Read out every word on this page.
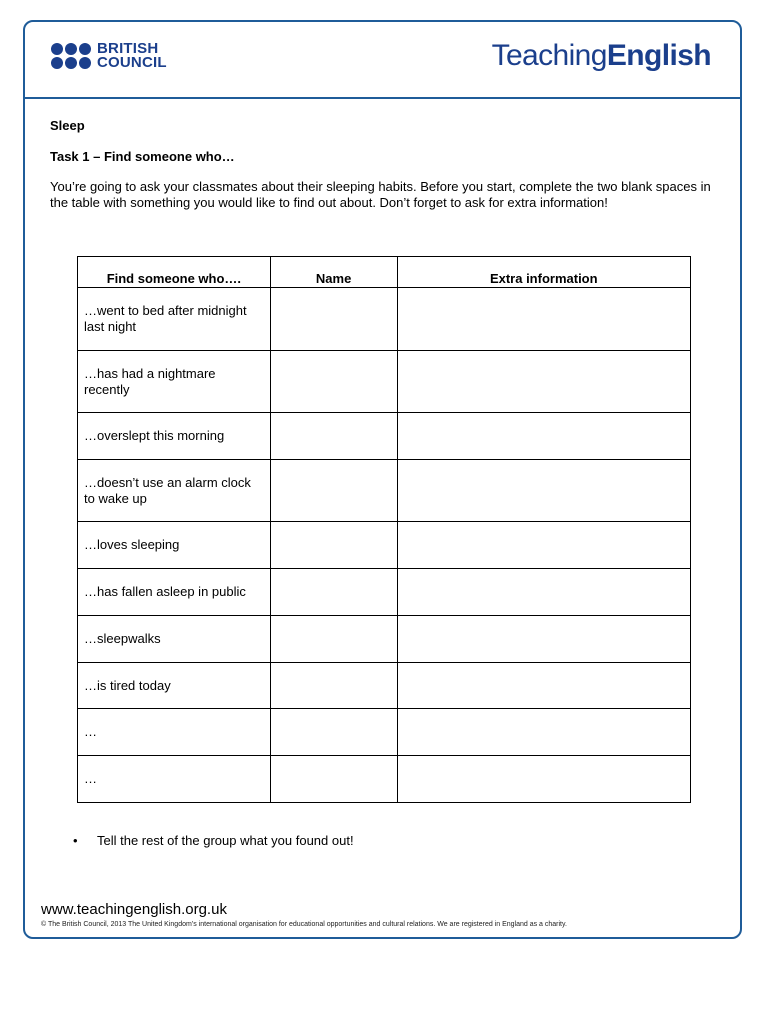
BRITISH
COUNCIL	TeachingEnglish
Sleep
Task 1 – Find someone who…
You’re going to ask your classmates about their sleeping habits. Before you start, complete the two blank spaces in the table with something you would like to find out about. Don’t forget to ask for extra information!
Find someone who….	Name	Extra information
…went to bed after midnight last night		
…has had a nightmare recently		
…overslept this morning		
…doesn’t use an alarm clock to wake up		
…loves sleeping		
…has fallen asleep in public		
…sleepwalks		
…is tired today		
…		
…		
•	Tell the rest of the group what you found out!
www.teachingenglish.org.uk
© The British Council, 2013 The United Kingdom’s international organisation for educational opportunities and cultural relations. We are registered in England as a charity.
